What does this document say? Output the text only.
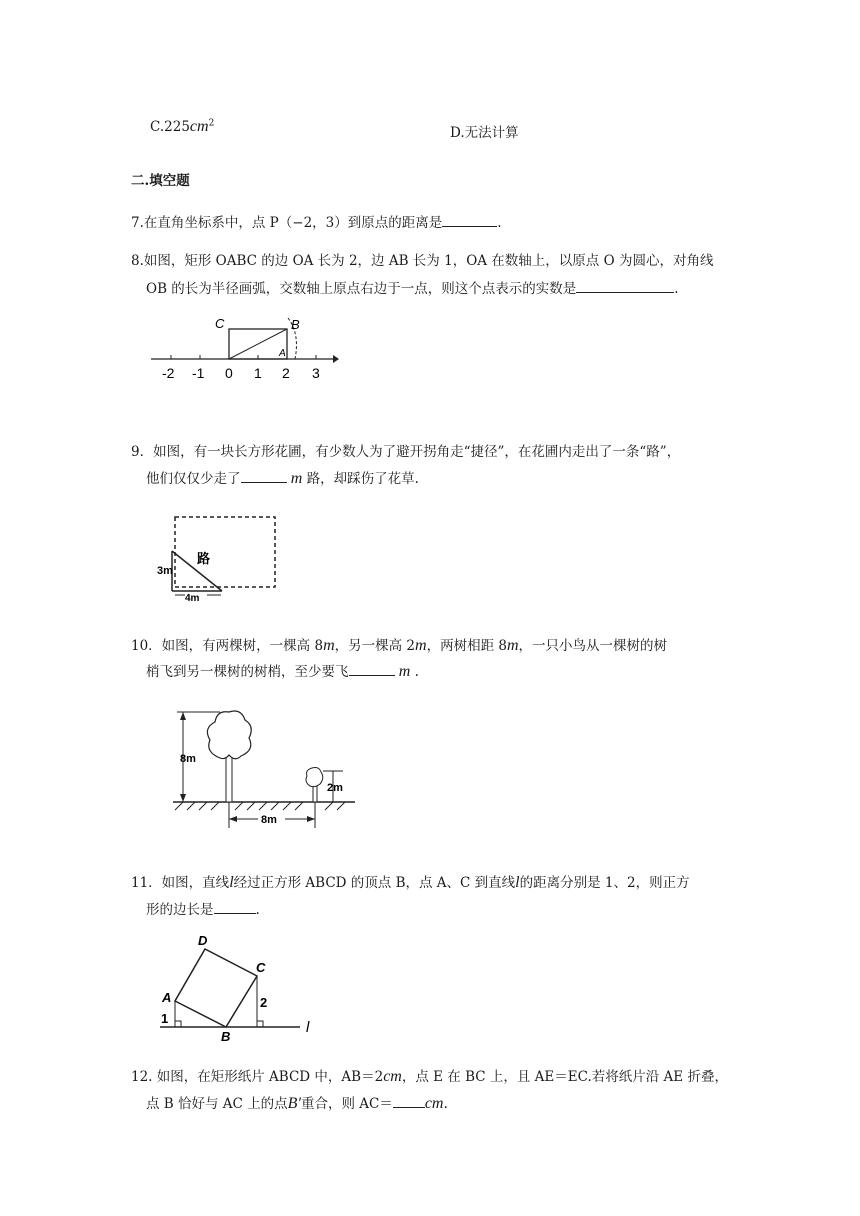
$C.225cm^2$
D.无法计算
二.填空题
7.在直角坐标系中，点 P（−2，3）到原点的距离是	.
8.如图，矩形 OABC 的边 OA 长为 2，边 AB 长为 1，OA 在数轴上，以原点 O 为圆心，对角线
OB 的长为半径画弧，交数轴上原点右边于一点，则这个点表示的实数是	.
C	B
A
-2 -1 0 1 2 3
9．如图，有一块长方形花圃，有少数人为了避开拐角走“捷径”，在花圃内走出了一条“路”，
他们仅仅少走了	m 路，却踩伤了花草.
路
3m
4m
10．如图，有两棵树，一棵高 8m，另一棵高 2m，两树相距 8m，一只小鸟从一棵树的树
梢飞到另一棵树的树梢，至少要飞	m .
8m
2m
8m
11．如图，直线l经过正方形 ABCD 的顶点 B，点 A、C 到直线l的距离分别是 1、2，则正方
形的边长是	.
D
A
C
B
1
2
l
12. 如图，在矩形纸片 ABCD 中，AB＝2cm，点 E 在 BC 上，且 AE＝EC.若将纸片沿 AE 折叠，
点 B 恰好与 AC 上的点B′重合，则 AC＝ cm.
